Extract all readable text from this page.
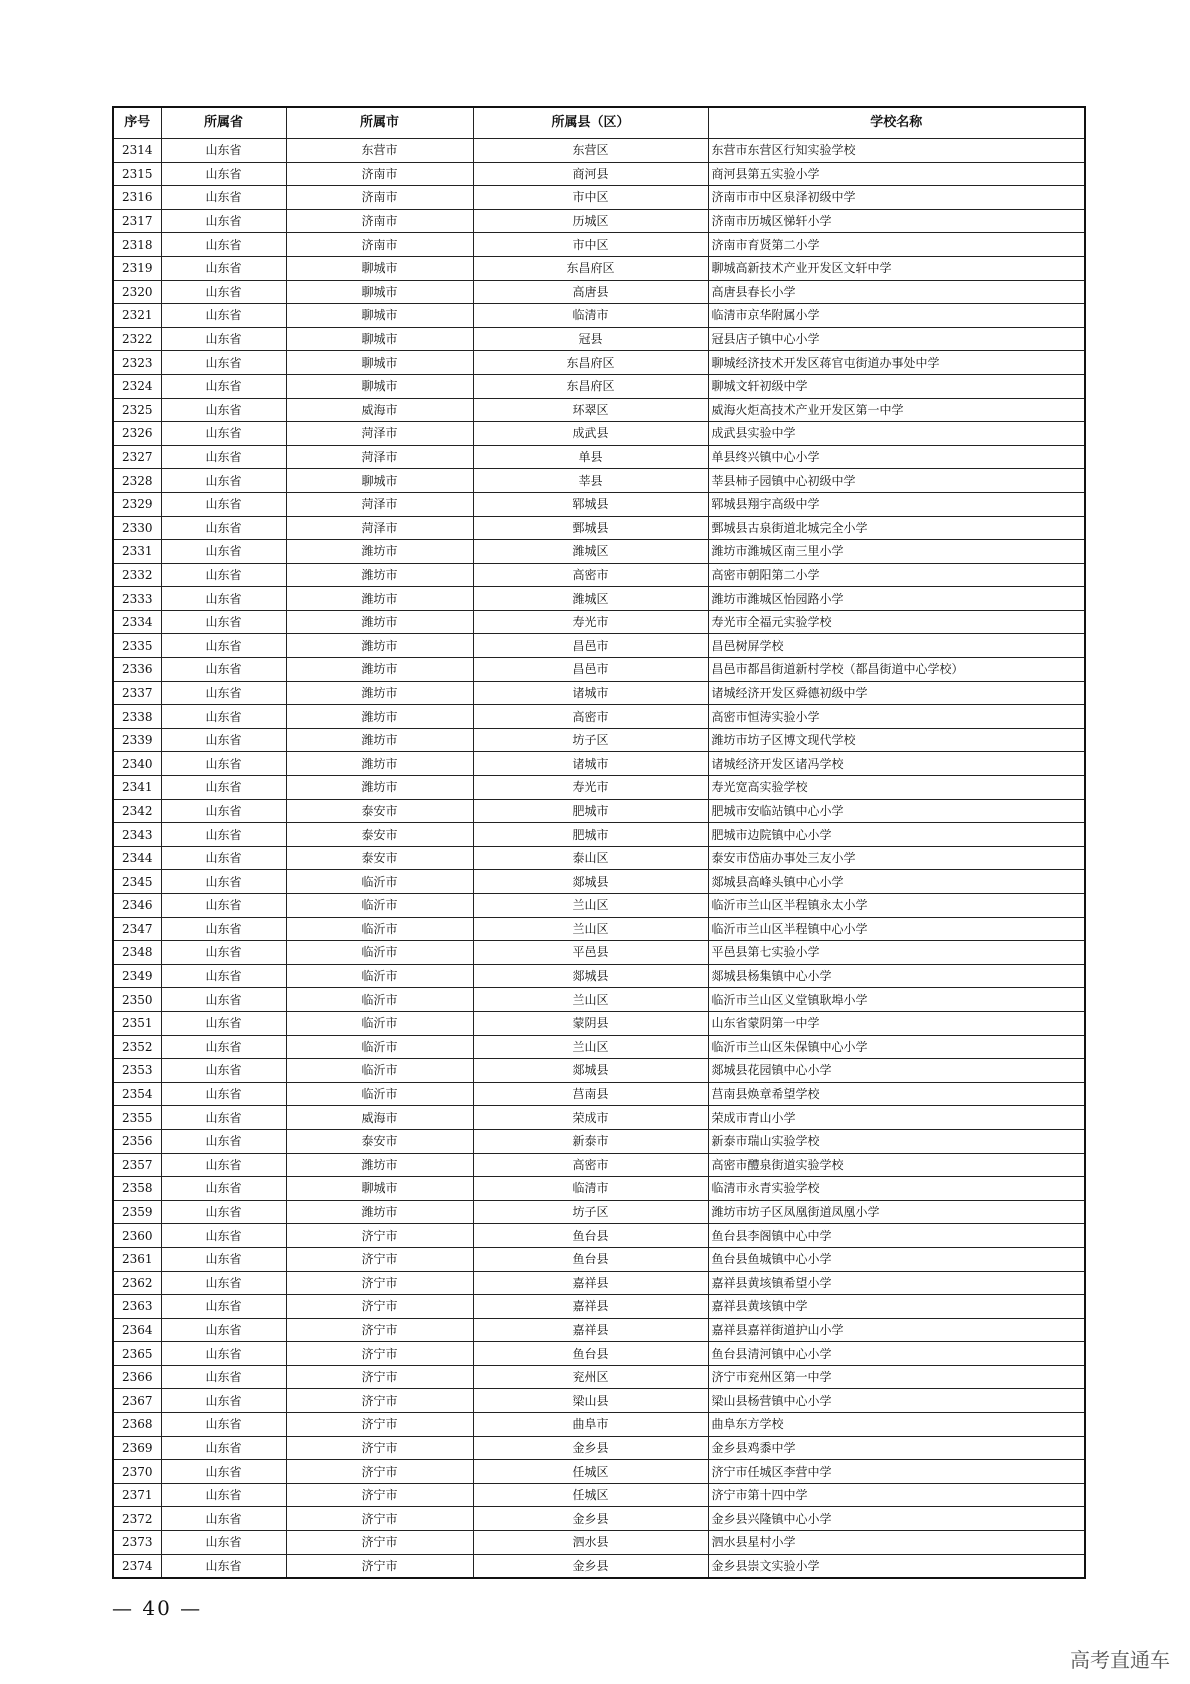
序号	所属省	所属市	所属县（区）	学校名称
2314	山东省	东营市	东营区	东营市东营区行知实验学校
2315	山东省	济南市	商河县	商河县第五实验小学
2316	山东省	济南市	市中区	济南市市中区泉泽初级中学
2317	山东省	济南市	历城区	济南市历城区悌轩小学
2318	山东省	济南市	市中区	济南市育贤第二小学
2319	山东省	聊城市	东昌府区	聊城高新技术产业开发区文轩中学
2320	山东省	聊城市	高唐县	高唐县春长小学
2321	山东省	聊城市	临清市	临清市京华附属小学
2322	山东省	聊城市	冠县	冠县店子镇中心小学
2323	山东省	聊城市	东昌府区	聊城经济技术开发区蒋官屯街道办事处中学
2324	山东省	聊城市	东昌府区	聊城文轩初级中学
2325	山东省	威海市	环翠区	威海火炬高技术产业开发区第一中学
2326	山东省	菏泽市	成武县	成武县实验中学
2327	山东省	菏泽市	单县	单县终兴镇中心小学
2328	山东省	聊城市	莘县	莘县柿子园镇中心初级中学
2329	山东省	菏泽市	郓城县	郓城县翔宇高级中学
2330	山东省	菏泽市	鄄城县	鄄城县古泉街道北城完全小学
2331	山东省	潍坊市	潍城区	潍坊市潍城区南三里小学
2332	山东省	潍坊市	高密市	高密市朝阳第二小学
2333	山东省	潍坊市	潍城区	潍坊市潍城区怡园路小学
2334	山东省	潍坊市	寿光市	寿光市全福元实验学校
2335	山东省	潍坊市	昌邑市	昌邑树屏学校
2336	山东省	潍坊市	昌邑市	昌邑市都昌街道新村学校（都昌街道中心学校）
2337	山东省	潍坊市	诸城市	诸城经济开发区舜德初级中学
2338	山东省	潍坊市	高密市	高密市恒涛实验小学
2339	山东省	潍坊市	坊子区	潍坊市坊子区博文现代学校
2340	山东省	潍坊市	诸城市	诸城经济开发区诸冯学校
2341	山东省	潍坊市	寿光市	寿光宽高实验学校
2342	山东省	泰安市	肥城市	肥城市安临站镇中心小学
2343	山东省	泰安市	肥城市	肥城市边院镇中心小学
2344	山东省	泰安市	泰山区	泰安市岱庙办事处三友小学
2345	山东省	临沂市	郯城县	郯城县高峰头镇中心小学
2346	山东省	临沂市	兰山区	临沂市兰山区半程镇永太小学
2347	山东省	临沂市	兰山区	临沂市兰山区半程镇中心小学
2348	山东省	临沂市	平邑县	平邑县第七实验小学
2349	山东省	临沂市	郯城县	郯城县杨集镇中心小学
2350	山东省	临沂市	兰山区	临沂市兰山区义堂镇耿埠小学
2351	山东省	临沂市	蒙阴县	山东省蒙阴第一中学
2352	山东省	临沂市	兰山区	临沂市兰山区朱保镇中心小学
2353	山东省	临沂市	郯城县	郯城县花园镇中心小学
2354	山东省	临沂市	莒南县	莒南县焕章希望学校
2355	山东省	威海市	荣成市	荣成市青山小学
2356	山东省	泰安市	新泰市	新泰市瑞山实验学校
2357	山东省	潍坊市	高密市	高密市醴泉街道实验学校
2358	山东省	聊城市	临清市	临清市永青实验学校
2359	山东省	潍坊市	坊子区	潍坊市坊子区凤凰街道凤凰小学
2360	山东省	济宁市	鱼台县	鱼台县李阁镇中心中学
2361	山东省	济宁市	鱼台县	鱼台县鱼城镇中心小学
2362	山东省	济宁市	嘉祥县	嘉祥县黄垓镇希望小学
2363	山东省	济宁市	嘉祥县	嘉祥县黄垓镇中学
2364	山东省	济宁市	嘉祥县	嘉祥县嘉祥街道护山小学
2365	山东省	济宁市	鱼台县	鱼台县清河镇中心小学
2366	山东省	济宁市	兖州区	济宁市兖州区第一中学
2367	山东省	济宁市	梁山县	梁山县杨营镇中心小学
2368	山东省	济宁市	曲阜市	曲阜东方学校
2369	山东省	济宁市	金乡县	金乡县鸡黍中学
2370	山东省	济宁市	任城区	济宁市任城区李营中学
2371	山东省	济宁市	任城区	济宁市第十四中学
2372	山东省	济宁市	金乡县	金乡县兴隆镇中心小学
2373	山东省	济宁市	泗水县	泗水县星村小学
2374	山东省	济宁市	金乡县	金乡县崇文实验小学
— 40 —
高考直通车
